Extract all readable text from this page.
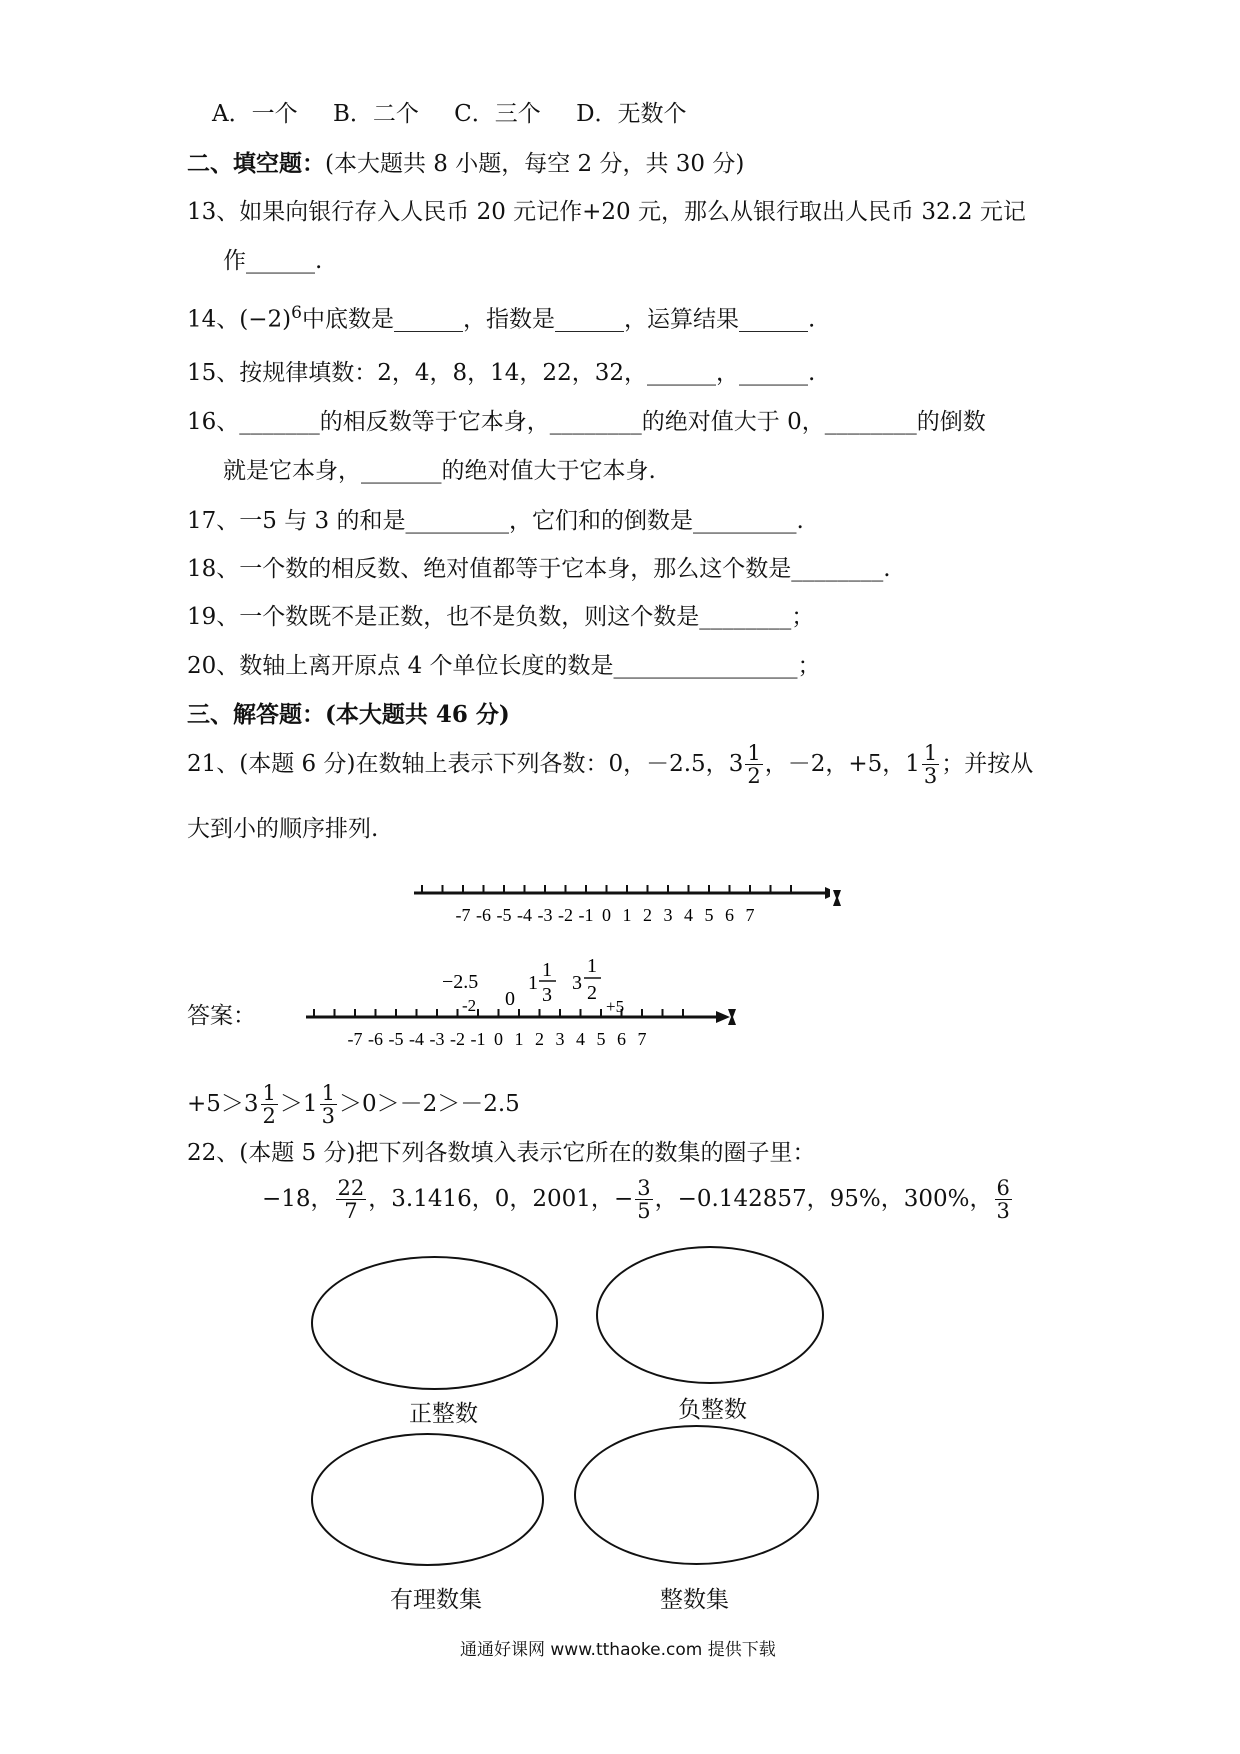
A．一个 B．二个 C．三个 D．无数个
二、填空题：(本大题共 8 小题，每空 2 分，共 30 分)
13、如果向银行存入人民币 20 元记作+20 元，那么从银行取出人民币 32.2 元记
作______.
14、$(-2)^6$中底数是______，指数是______，运算结果______.
15、按规律填数：2，4，8，14，22，32，______，______.
16、_______的相反数等于它本身，________的绝对值大于 0，________的倒数
就是它本身，_______的绝对值大于它本身.
17、一5 与 3 的和是_________，它们和的倒数是_________.
18、一个数的相反数、绝对值都等于它本身，那么这个数是________.
19、一个数既不是正数，也不是负数，则这个数是________；
20、数轴上离开原点 4 个单位长度的数是________________；
三、解答题：(本大题共 46 分)
21、(本题 6 分)在数轴上表示下列各数：0，－2.5， $3 \frac{1}{2}$ ，－2，+5， $1 \frac{1}{3}$ ；并按从
大到小的顺序排列.
-7 -6 -5 -4 -3 -2 -1 0 1 2 3 4 5 6 7
答案：
-7 -6 -5 -4 -3 -2 -1 0 1 2 3 4 5 6 7
−2.5
-2 0
1
1
3
3
1
2
+5
$+5>3 \frac{1}{2} >1 \frac{1}{3} >0>-2>-2.5$
22、(本题 5 分)把下列各数填入表示它所在的数集的圈子里：
−18， $\frac{22}{7}$ ，3.1416，0，2001， − $\frac{3}{5}$ ，−0.142857，95%，300%， $\frac{6}{3}$
正整数	负整数
有理数集	整数集
通通好课网 www.tthaoke.com 提供下载
